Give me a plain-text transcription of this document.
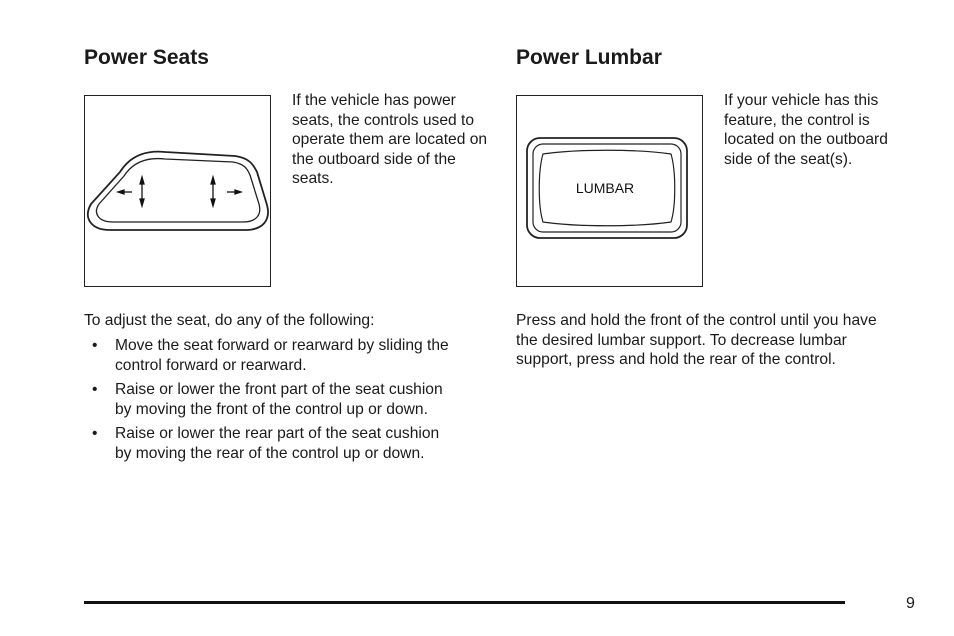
Power Seats

If the vehicle has power seats, the controls used to operate them are located on the outboard side of the seats.

To adjust the seat, do any of the following:

• Move the seat forward or rearward by sliding the control forward or rearward.
• Raise or lower the front part of the seat cushion by moving the front of the control up or down.
• Raise or lower the rear part of the seat cushion by moving the rear of the control up or down.
Power Lumbar
LUMBAR

If your vehicle has this feature, the control is located on the outboard side of the seat(s).

Press and hold the front of the control until you have the desired lumbar support. To decrease lumbar support, press and hold the rear of the control.

9
